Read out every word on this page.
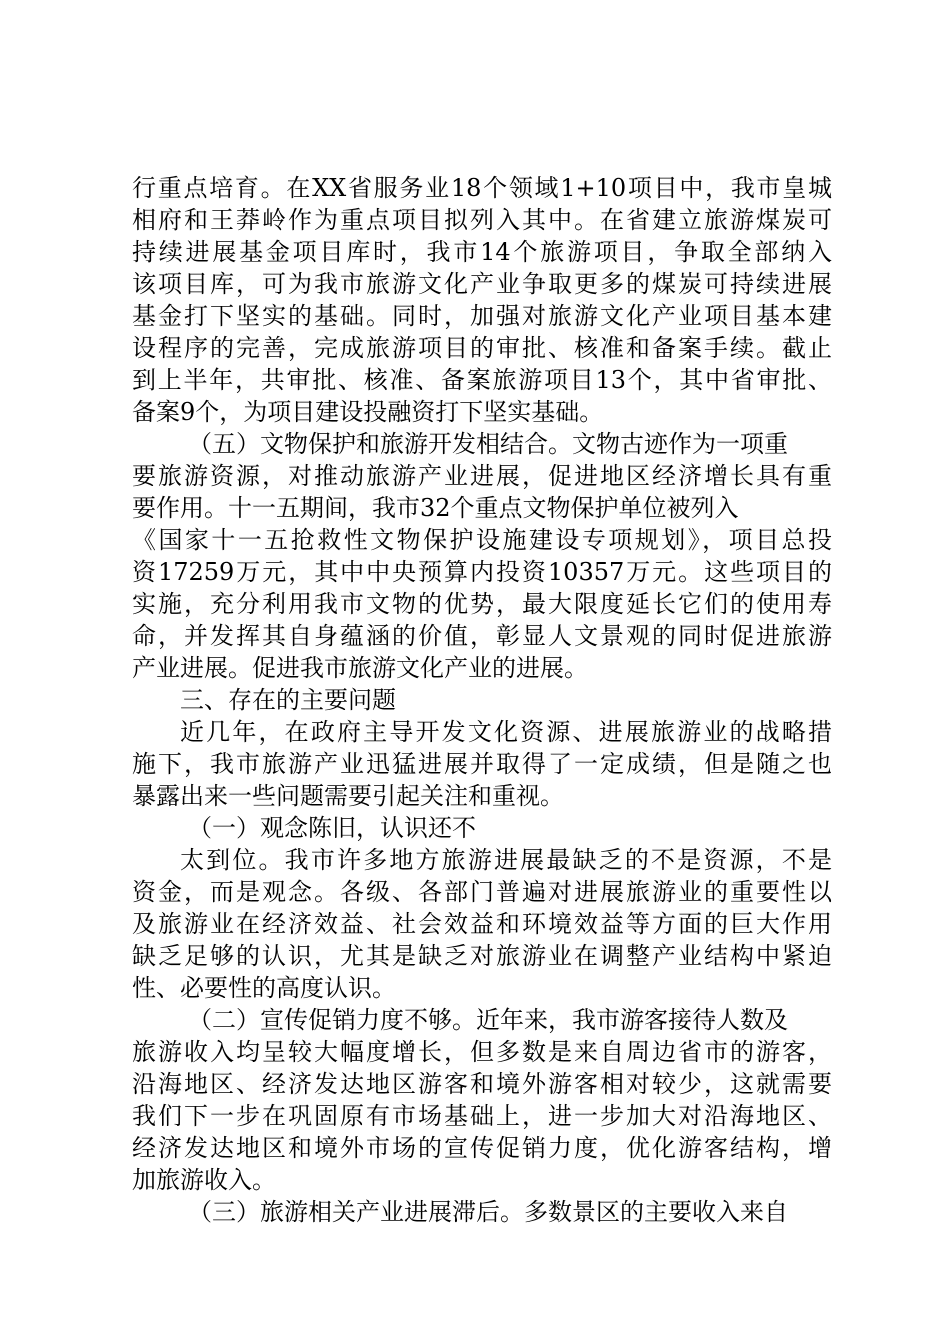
行重点培育。在XX省服务业18个领域1+10项目中，我市皇城
相府和王莽岭作为重点项目拟列入其中。在省建立旅游煤炭可
持续进展基金项目库时，我市14个旅游项目，争取全部纳入
该项目库，可为我市旅游文化产业争取更多的煤炭可持续进展
基金打下坚实的基础。同时，加强对旅游文化产业项目基本建
设程序的完善，完成旅游项目的审批、核准和备案手续。截止
到上半年，共审批、核准、备案旅游项目13个，其中省审批、
备案9个，为项目建设投融资打下坚实基础。
（五）文物保护和旅游开发相结合。文物古迹作为一项重
要旅游资源，对推动旅游产业进展，促进地区经济增长具有重
要作用。十一五期间，我市32个重点文物保护单位被列入
《国家十一五抢救性文物保护设施建设专项规划》，项目总投
资17259万元，其中中央预算内投资10357万元。这些项目的
实施，充分利用我市文物的优势，最大限度延长它们的使用寿
命，并发挥其自身蕴涵的价值，彰显人文景观的同时促进旅游
产业进展。促进我市旅游文化产业的进展。
三、存在的主要问题
近几年，在政府主导开发文化资源、进展旅游业的战略措
施下，我市旅游产业迅猛进展并取得了一定成绩，但是随之也
暴露出来一些问题需要引起关注和重视。
（一）观念陈旧，认识还不
太到位。我市许多地方旅游进展最缺乏的不是资源，不是
资金，而是观念。各级、各部门普遍对进展旅游业的重要性以
及旅游业在经济效益、社会效益和环境效益等方面的巨大作用
缺乏足够的认识，尤其是缺乏对旅游业在调整产业结构中紧迫
性、必要性的高度认识。
（二）宣传促销力度不够。近年来，我市游客接待人数及
旅游收入均呈较大幅度增长，但多数是来自周边省市的游客，
沿海地区、经济发达地区游客和境外游客相对较少，这就需要
我们下一步在巩固原有市场基础上，进一步加大对沿海地区、
经济发达地区和境外市场的宣传促销力度，优化游客结构，增
加旅游收入。
（三）旅游相关产业进展滞后。多数景区的主要收入来自
